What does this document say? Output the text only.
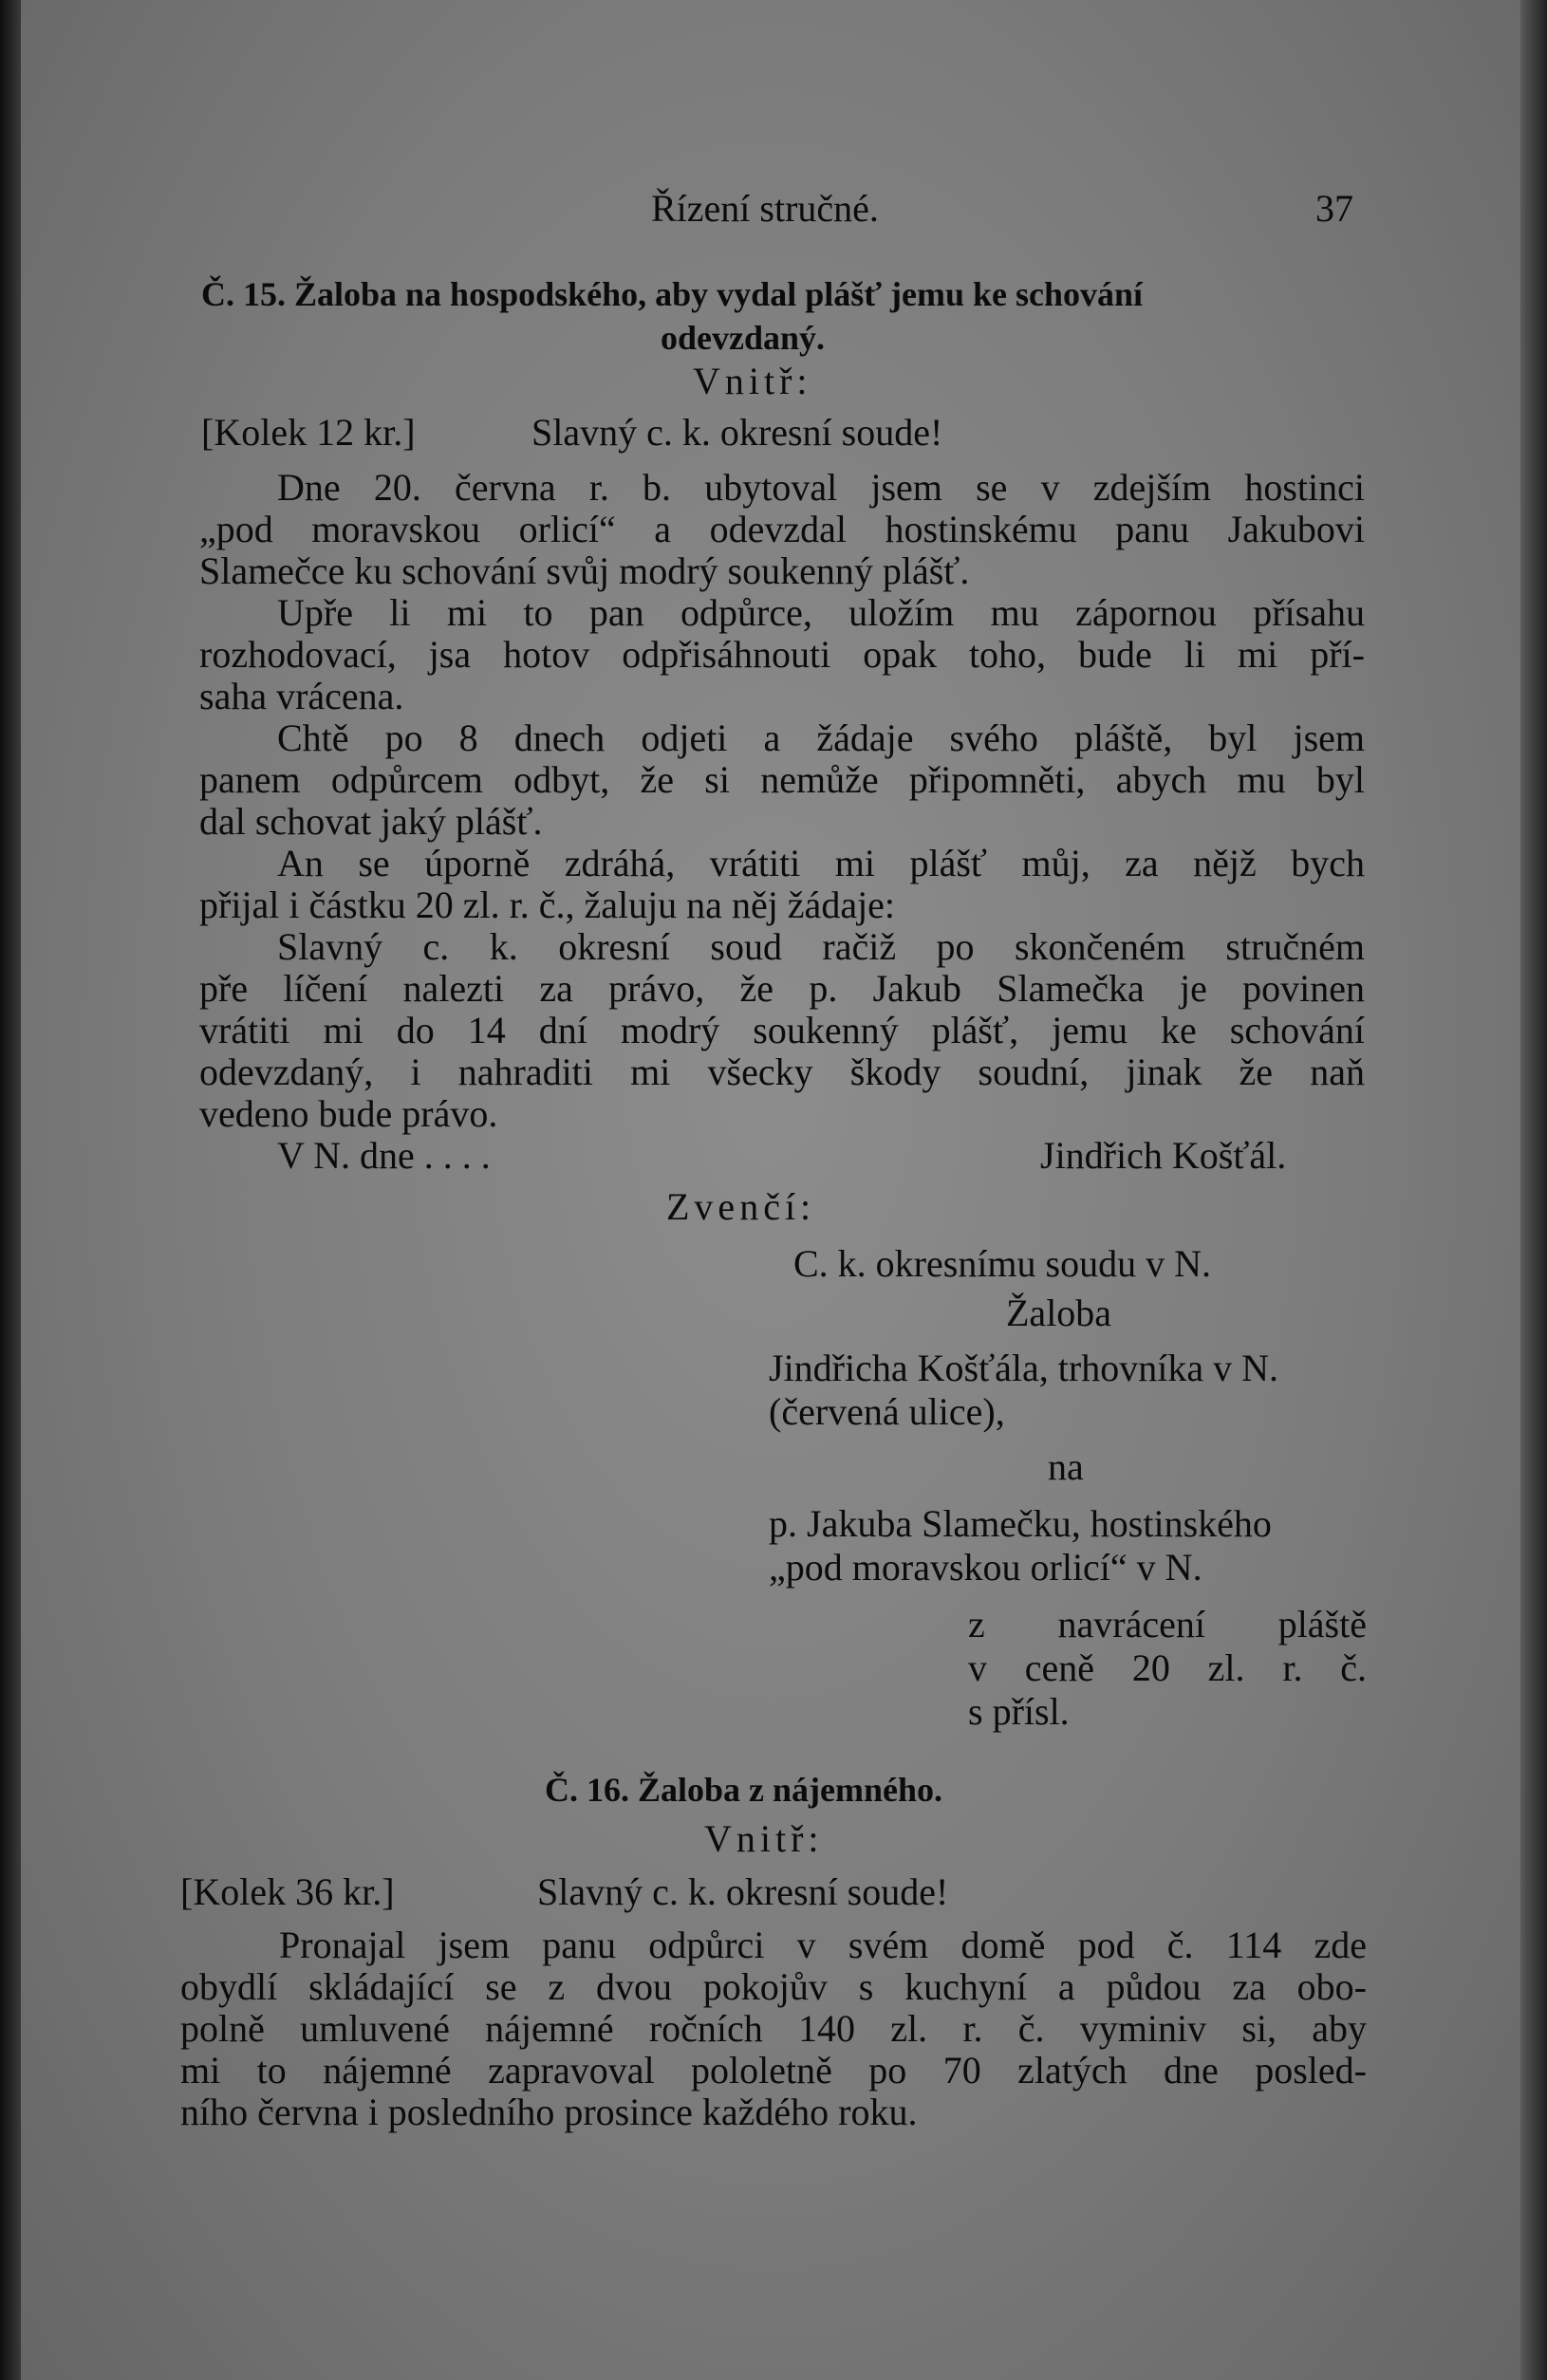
Řízení stručné.	37

Č. 15. Žaloba na hospodského, aby vydal plášť jemu ke schování

odevzdaný.

Vnitř:

[Kolek 12 kr.]	Slavný c. k. okresní soude!

Dne 20. června r. b. ubytoval jsem se v zdejším hostinci

„pod moravskou orlicí“ a odevzdal hostinskému panu Jakubovi

Slamečce ku schování svůj modrý soukenný plášť.

Upře li mi to pan odpůrce, uložím mu zápornou přísahu

rozhodovací, jsa hotov odpřisáhnouti opak toho, bude li mi pří-

saha vrácena.

Chtě po 8 dnech odjeti a žádaje svého pláště, byl jsem

panem odpůrcem odbyt, že si nemůže připomněti, abych mu byl

dal schovat jaký plášť.

An se úporně zdráhá, vrátiti mi plášť můj, za nějž bych

přijal i částku 20 zl. r. č., žaluju na něj žádaje:

Slavný c. k. okresní soud račiž po skončeném stručném

pře líčení nalezti za právo, že p. Jakub Slamečka je povinen

vrátiti mi do 14 dní modrý soukenný plášť, jemu ke schování

odevzdaný, i nahraditi mi všecky škody soudní, jinak že naň

vedeno bude právo.

V N. dne . . . .	Jindřich Košťál.

Zvenčí:

C. k. okresnímu soudu v N.

Žaloba

Jindřicha Košťála, trhovníka v N.

(červená ulice),

na

p. Jakuba Slamečku, hostinského

„pod moravskou orlicí“ v N.

z navrácení pláště

v ceně 20 zl. r. č.

s přísl.

Č. 16. Žaloba z nájemného.

Vnitř:

[Kolek 36 kr.]	Slavný c. k. okresní soude!

Pronajal jsem panu odpůrci v svém domě pod č. 114 zde

obydlí skládající se z dvou pokojův s kuchyní a půdou za obo-

polně umluvené nájemné ročních 140 zl. r. č. vyminiv si, aby

mi to nájemné zapravoval pololetně po 70 zlatých dne posled-

ního června i posledního prosince každého roku.
